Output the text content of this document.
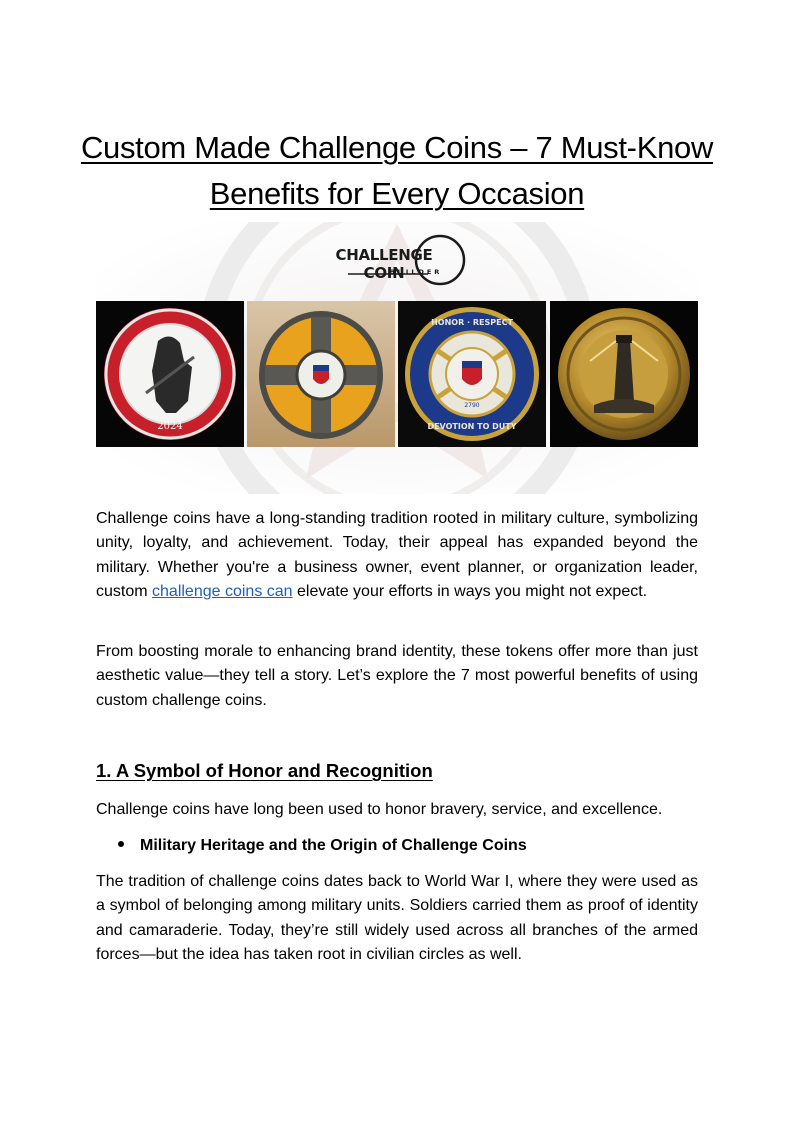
Custom Made Challenge Coins – 7 Must-Know Benefits for Every Occasion
CHALLENGE COIN
BUILDER
2024
HONOR · RESPECT
DEVOTION TO DUTY
2790

Challenge coins have a long-standing tradition rooted in military culture, symbolizing unity, loyalty, and achievement. Today, their appeal has expanded beyond the military. Whether you're a business owner, event planner, or organization leader, custom challenge coins can elevate your efforts in ways you might not expect.

From boosting morale to enhancing brand identity, these tokens offer more than just aesthetic value—they tell a story. Let’s explore the 7 most powerful benefits of using custom challenge coins.

1. A Symbol of Honor and Recognition

Challenge coins have long been used to honor bravery, service, and excellence.

Military Heritage and the Origin of Challenge Coins

The tradition of challenge coins dates back to World War I, where they were used as a symbol of belonging among military units. Soldiers carried them as proof of identity and camaraderie. Today, they’re still widely used across all branches of the armed forces—but the idea has taken root in civilian circles as well.
